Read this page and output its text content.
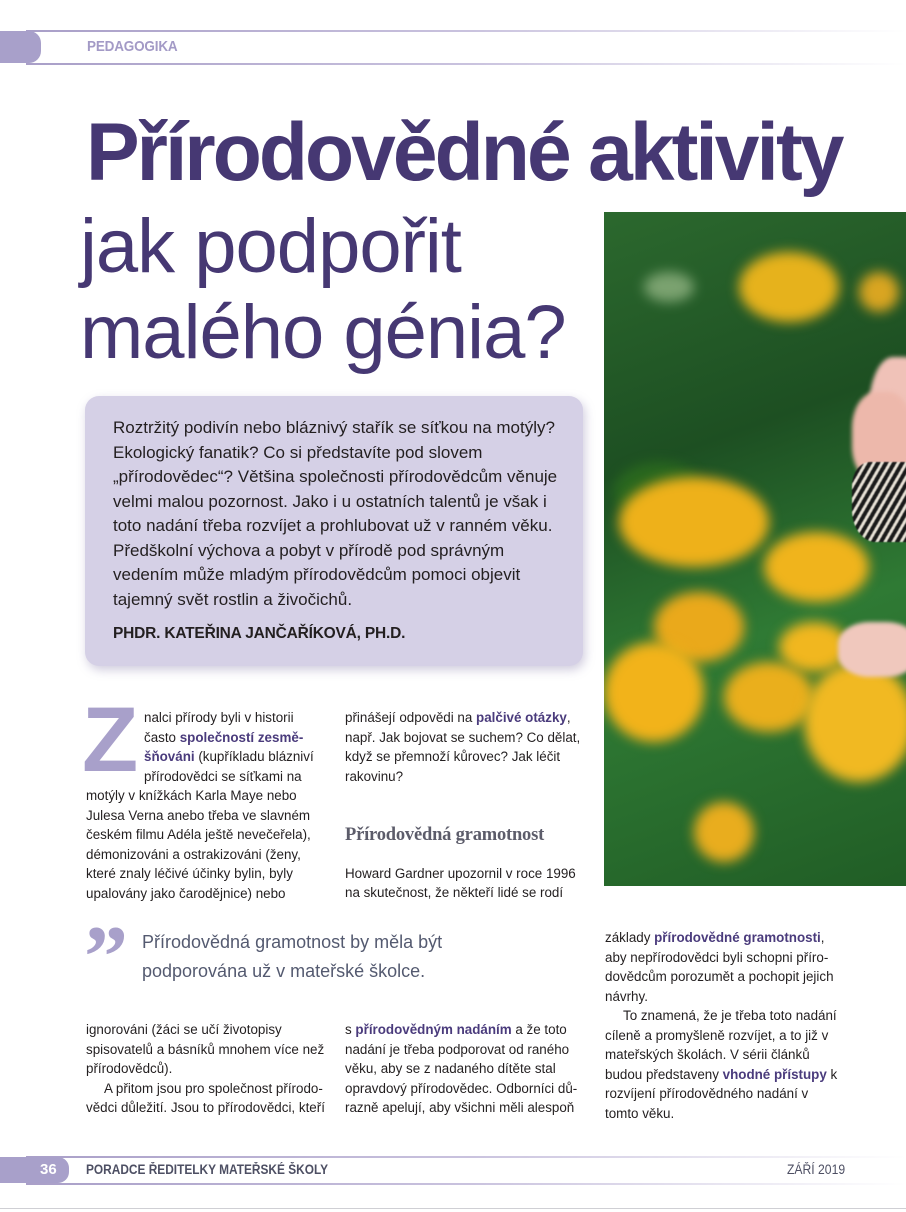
PEDAGOGIKA
Přírodovědné aktivity
jak podpořit
malého génia?

Roztržitý podivín nebo bláznivý stařík se síťkou na motýly? Ekologický fanatik? Co si představíte pod slovem „přírodovědec“? Většina společnosti přírodovědcům věnuje velmi malou pozornost. Jako i u ostatních talentů je však i toto nadání třeba rozvíjet a prohlubovat už v ranném věku. Předškolní výchova a pobyt v přírodě pod správným vedením může mladým přírodovědcům pomoci objevit tajemný svět rostlin a živočichů.

PHDR. KATEŘINA JANČAŘÍKOVÁ, PH.D.

Z nalci přírody byli v historii často společností zesměšňováni (kupříkladu blázniví přírodovědci se síťkami na motýly v knížkách Karla Maye nebo Julesa Verna anebo třeba ve slavném českém filmu Adéla ještě nevečeřela), démonizováni a ostrakizováni (ženy, které znaly léčivé účinky bylin, byly upalovány jako čarodějnice) nebo

přinášejí odpovědi na palčivé otázky, např. Jak bojovat se suchem? Co dělat, když se přemnoží kůrovec? Jak léčit rakovinu?

Přírodovědná gramotnost

Howard Gardner upozornil v roce 1996 na skutečnost, že někteří lidé se rodí

” Přírodovědná gramotnost by měla být podporována už v mateřské školce.

základy přírodovědné gramotnosti, aby nepřírodovědci byli schopni přírodovědcům porozumět a pochopit jejich návrhy.

To znamená, že je třeba toto nadání cíleně a promyšleně rozvíjet, a to již v mateřských školách. V sérii článků budou představeny vhodné přístupy k rozvíjení přírodovědného nadání v tomto věku.

ignorováni (žáci se učí životopisy spisovatelů a básníků mnohem více než přírodovědců).

A přitom jsou pro společnost přírodovědci důležití. Jsou to přírodovědci, kteří

s přírodovědným nadáním a že toto nadání je třeba podporovat od raného věku, aby se z nadaného dítěte stal opravdový přírodovědec. Odborníci důrazně apelují, aby všichni měli alespoň

36 PORADCE ŘEDITELKY MATEŘSKÉ ŠKOLY	ZÁŘÍ 2019
